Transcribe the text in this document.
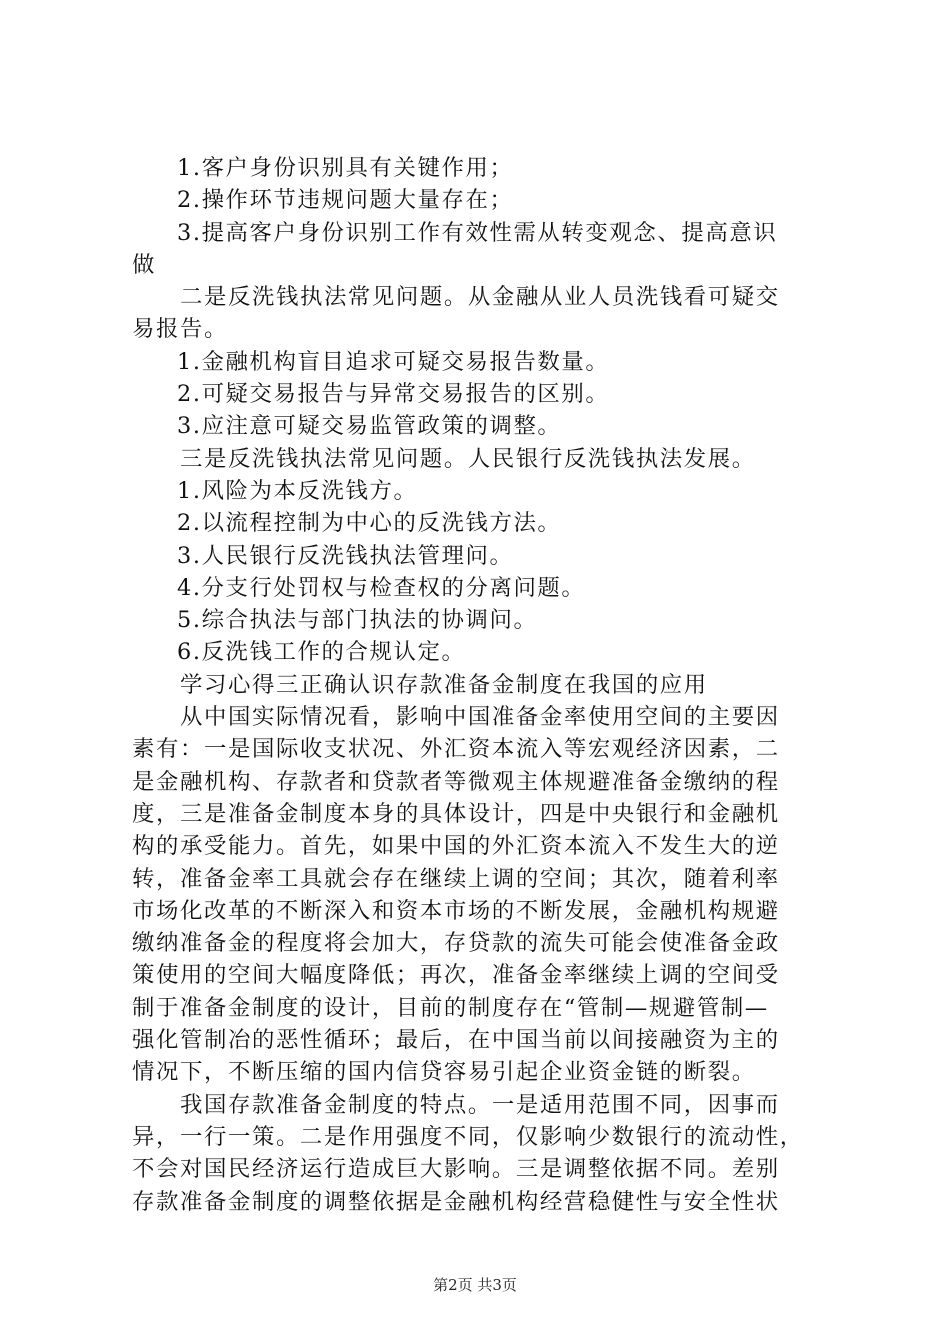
1.客户身份识别具有关键作用；
2.操作环节违规问题大量存在；
3.提高客户身份识别工作有效性需从转变观念、提高意识
做
二是反洗钱执法常见问题。从金融从业人员洗钱看可疑交
易报告。
1.金融机构盲目追求可疑交易报告数量。
2.可疑交易报告与异常交易报告的区别。
3.应注意可疑交易监管政策的调整。
三是反洗钱执法常见问题。人民银行反洗钱执法发展。
1.风险为本反洗钱方。
2.以流程控制为中心的反洗钱方法。
3.人民银行反洗钱执法管理问。
4.分支行处罚权与检查权的分离问题。
5.综合执法与部门执法的协调问。
6.反洗钱工作的合规认定。
学习心得三正确认识存款准备金制度在我国的应用
从中国实际情况看，影响中国准备金率使用空间的主要因
素有：一是国际收支状况、外汇资本流入等宏观经济因素，二
是金融机构、存款者和贷款者等微观主体规避准备金缴纳的程
度，三是准备金制度本身的具体设计，四是中央银行和金融机
构的承受能力。首先，如果中国的外汇资本流入不发生大的逆
转，准备金率工具就会存在继续上调的空间；其次，随着利率
市场化改革的不断深入和资本市场的不断发展，金融机构规避
缴纳准备金的程度将会加大，存贷款的流失可能会使准备金政
策使用的空间大幅度降低；再次，准备金率继续上调的空间受
制于准备金制度的设计，目前的制度存在“管制—规避管制—
强化管制冶的恶性循环；最后，在中国当前以间接融资为主的
情况下，不断压缩的国内信贷容易引起企业资金链的断裂。
我国存款准备金制度的特点。一是适用范围不同，因事而
异，一行一策。二是作用强度不同，仅影响少数银行的流动性，
不会对国民经济运行造成巨大影响。三是调整依据不同。差别
存款准备金制度的调整依据是金融机构经营稳健性与安全性状
第2页 共3页
